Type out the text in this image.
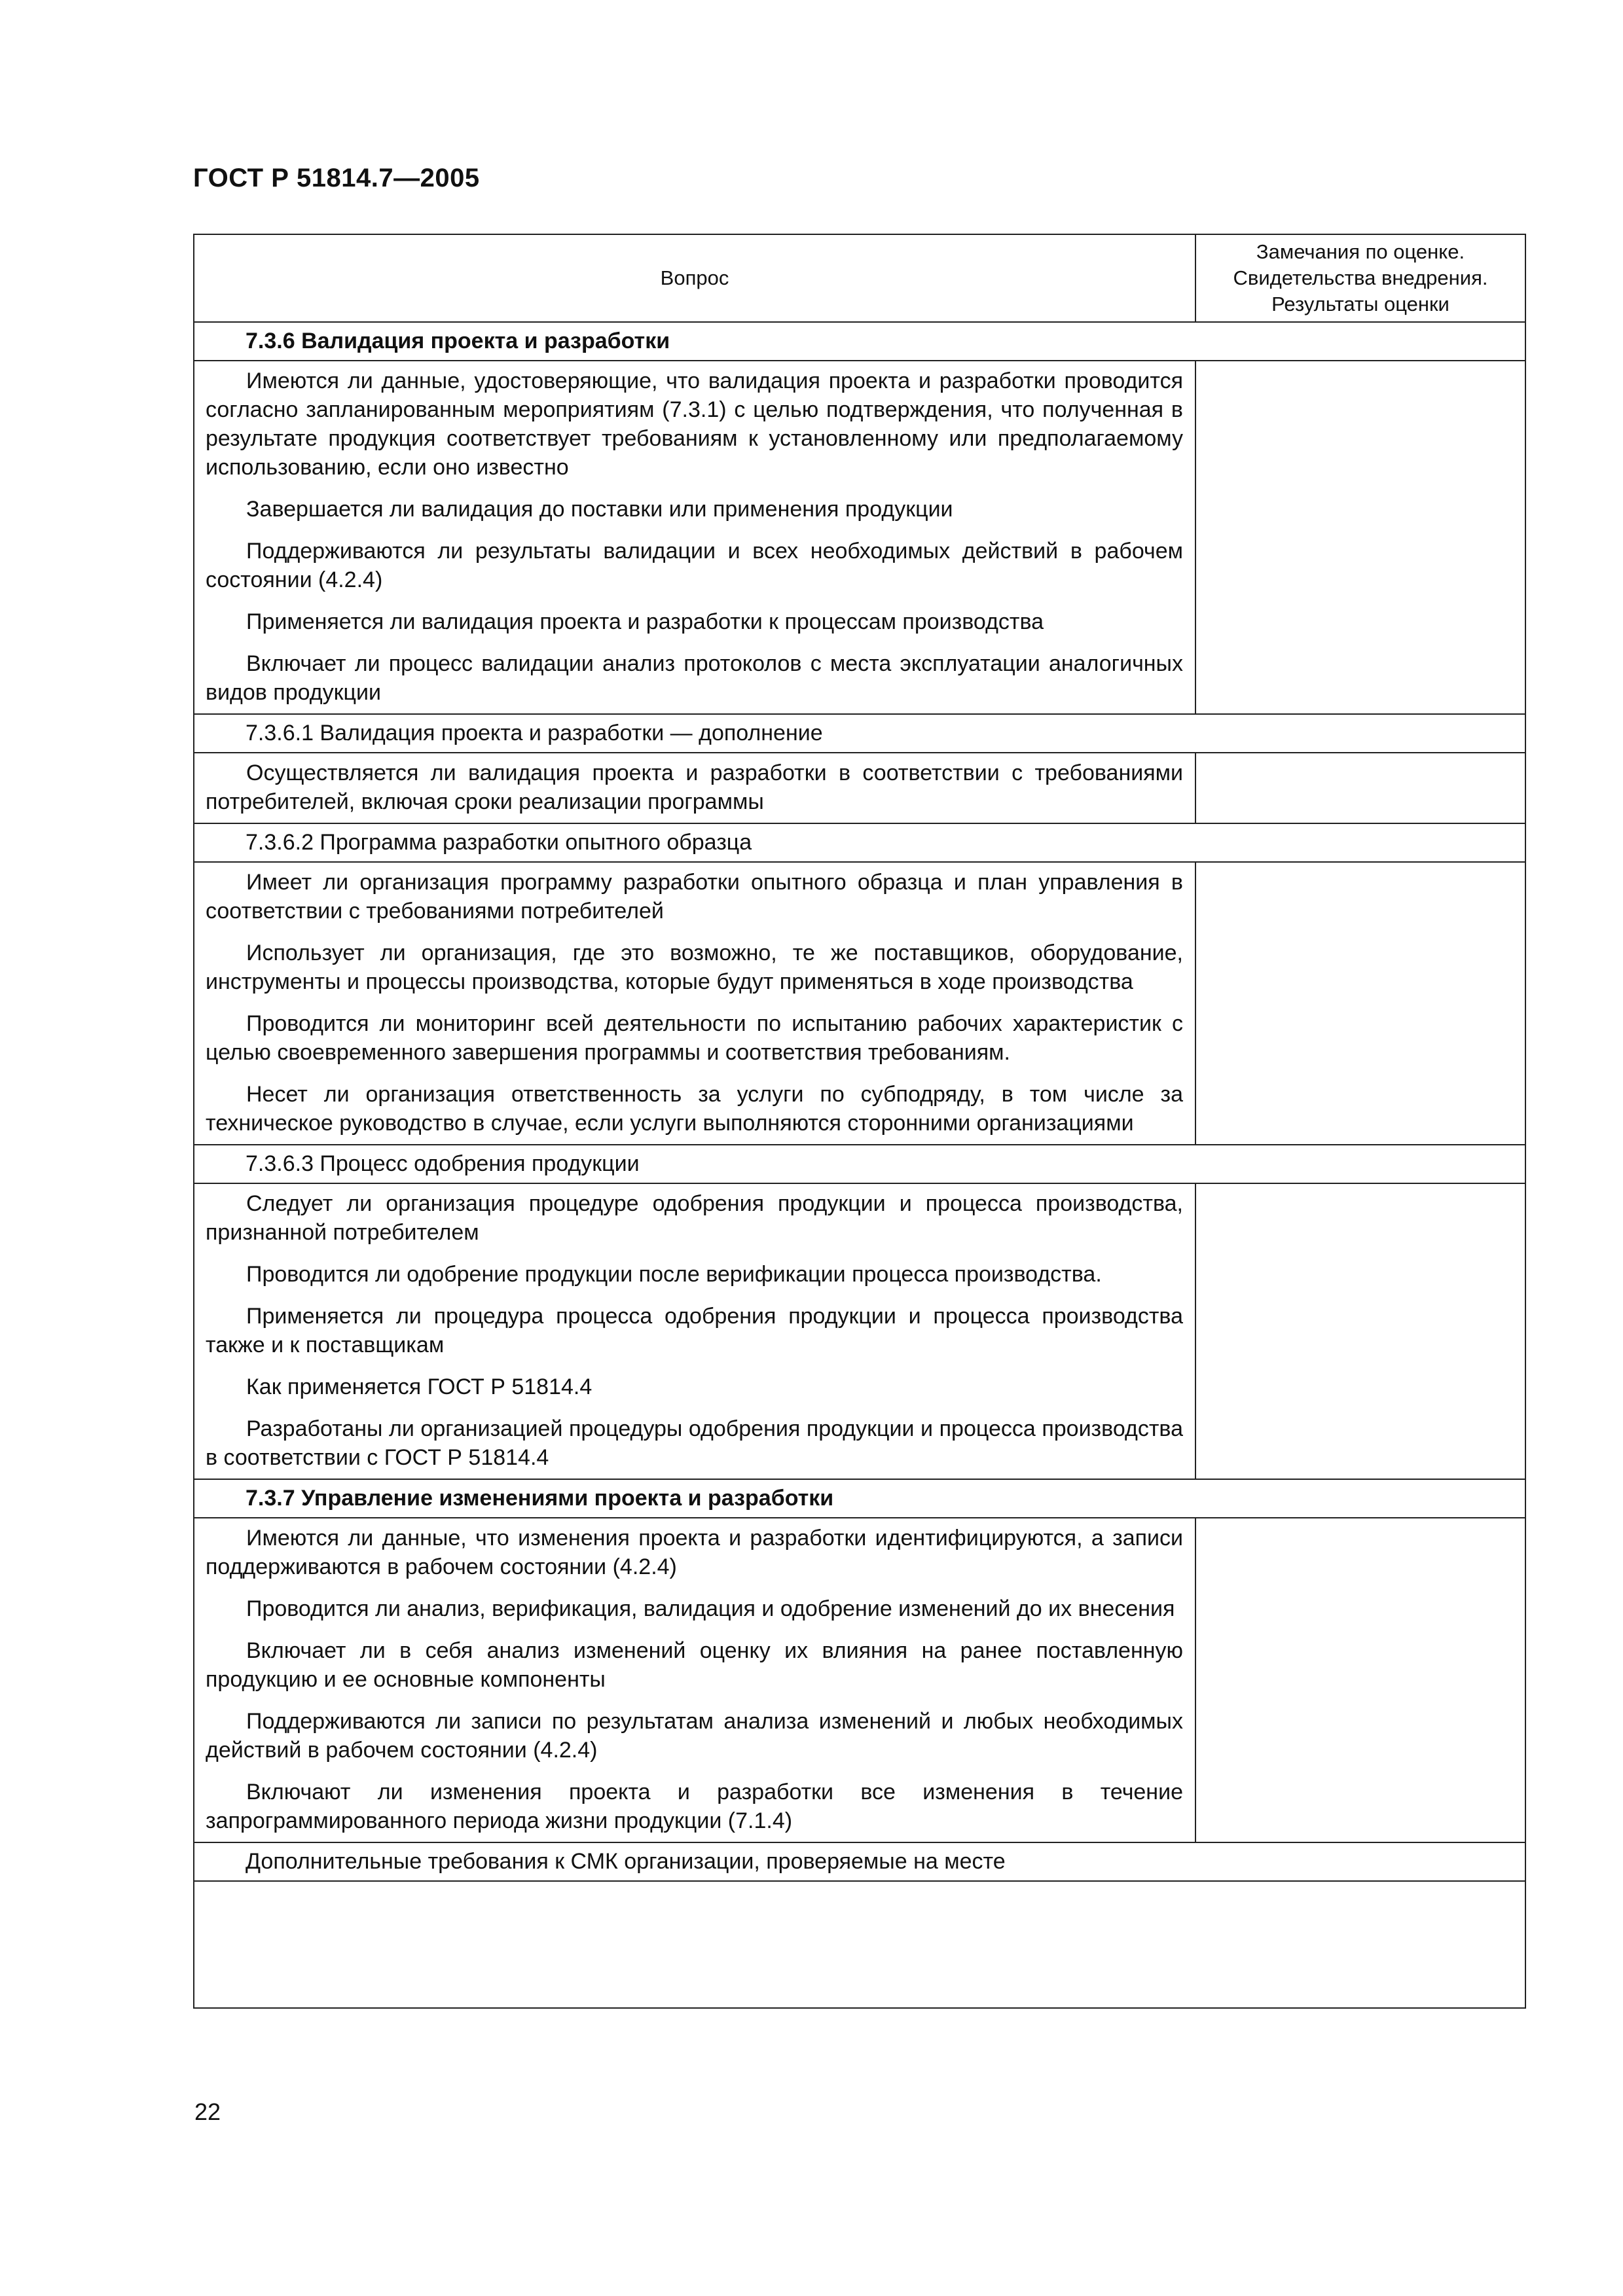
ГОСТ Р 51814.7—2005
Вопрос	Замечания по оценке.
Свидетельства внедрения.
Результаты оценки

7.3.6 Валидация проекта и разработки	

Имеются ли данные, удостоверяющие, что валидация проекта и разработки проводится согласно запланированным мероприятиям (7.3.1) с целью подтверждения, что полученная в результате продукция соответствует требованиям к установленному или предполагаемому использованию, если оно известно

Завершается ли валидация до поставки или применения продукции

Поддерживаются ли результаты валидации и всех необходимых действий в рабочем состоянии (4.2.4)

Применяется ли валидация проекта и разработки к процессам производства

Включает ли процесс валидации анализ протоколов с места эксплуатации аналогичных видов продукции	

7.3.6.1 Валидация проекта и разработки — дополнение	

Осуществляется ли валидация проекта и разработки в соответствии с требованиями потребителей, включая сроки реализации программы	

7.3.6.2 Программа разработки опытного образца	

Имеет ли организация программу разработки опытного образца и план управления в соответствии с требованиями потребителей

Использует ли организация, где это возможно, те же поставщиков, оборудование, инструменты и процессы производства, которые будут применяться в ходе производства

Проводится ли мониторинг всей деятельности по испытанию рабочих характеристик с целью своевременного завершения программы и соответствия требованиям.

Несет ли организация ответственность за услуги по субподряду, в том числе за техническое руководство в случае, если услуги выполняются сторонними организациями	

7.3.6.3 Процесс одобрения продукции	

Следует ли организация процедуре одобрения продукции и процесса производства, признанной потребителем

Проводится ли одобрение продукции после верификации процесса производства.

Применяется ли процедура процесса одобрения продукции и процесса производства также и к поставщикам

Как применяется ГОСТ Р 51814.4

Разработаны ли организацией процедуры одобрения продукции и процесса производства в соответствии с ГОСТ Р 51814.4	

7.3.7 Управление изменениями проекта и разработки	

Имеются ли данные, что изменения проекта и разработки идентифицируются, а записи поддерживаются в рабочем состоянии (4.2.4)

Проводится ли анализ, верификация, валидация и одобрение изменений до их внесения

Включает ли в себя анализ изменений оценку их влияния на ранее поставленную продукцию и ее основные компоненты

Поддерживаются ли записи по результатам анализа изменений и любых необходимых действий в рабочем состоянии (4.2.4)

Включают ли изменения проекта и разработки все изменения в течение запрограммированного периода жизни продукции (7.1.4)	

Дополнительные требования к СМК организации, проверяемые на месте	

22
